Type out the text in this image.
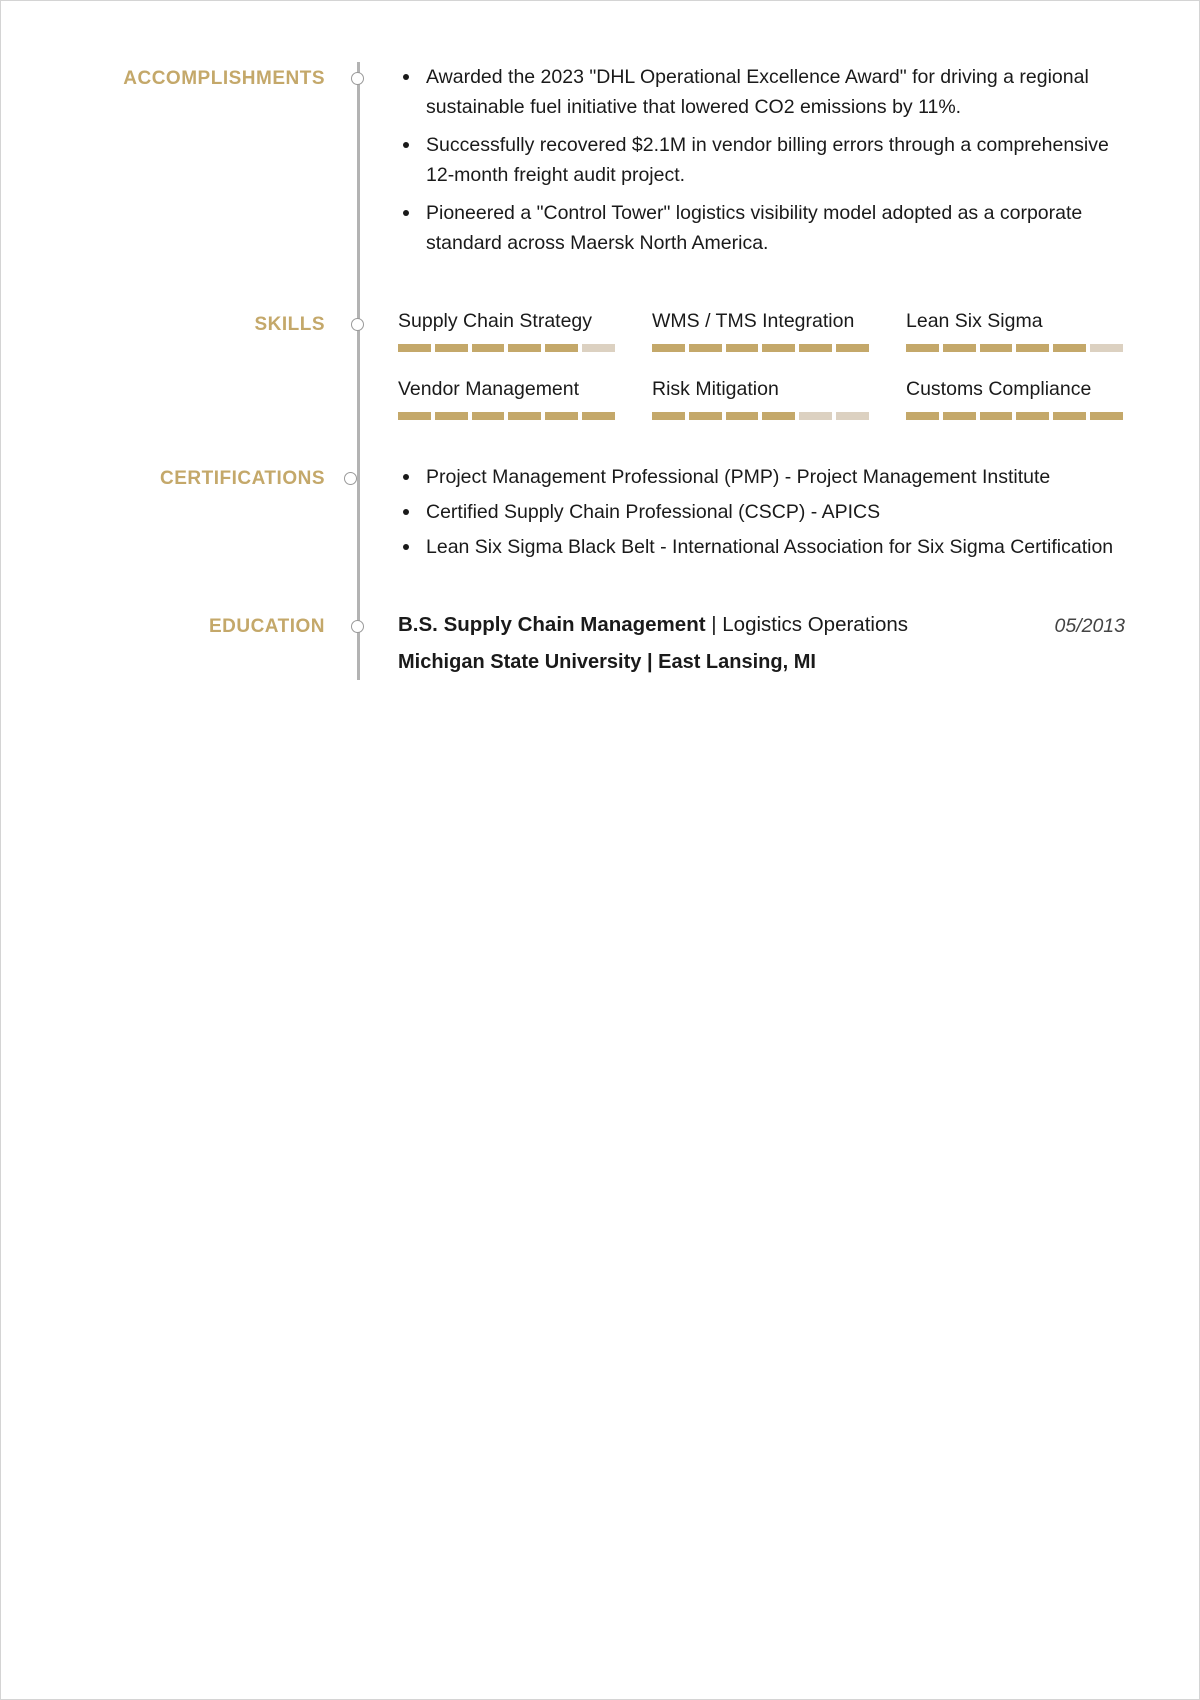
ACCOMPLISHMENTS	Awarded the 2023 "DHL Operational Excellence Award" for driving a regional sustainable fuel initiative that lowered CO2 emissions by 11%.
Successfully recovered $2.1M in vendor billing errors through a comprehensive 12-month freight audit project.
Pioneered a "Control Tower" logistics visibility model adopted as a corporate standard across Maersk North America.
SKILLS	Supply Chain Strategy	WMS / TMS Integration	Lean Six Sigma
Vendor Management	Risk Mitigation	Customs Compliance
CERTIFICATIONS	Project Management Professional (PMP) - Project Management Institute
Certified Supply Chain Professional (CSCP) - APICS
Lean Six Sigma Black Belt - International Association for Six Sigma Certification
EDUCATION	B.S. Supply Chain Management | Logistics Operations	05/2013
Michigan State University | East Lansing, MI
